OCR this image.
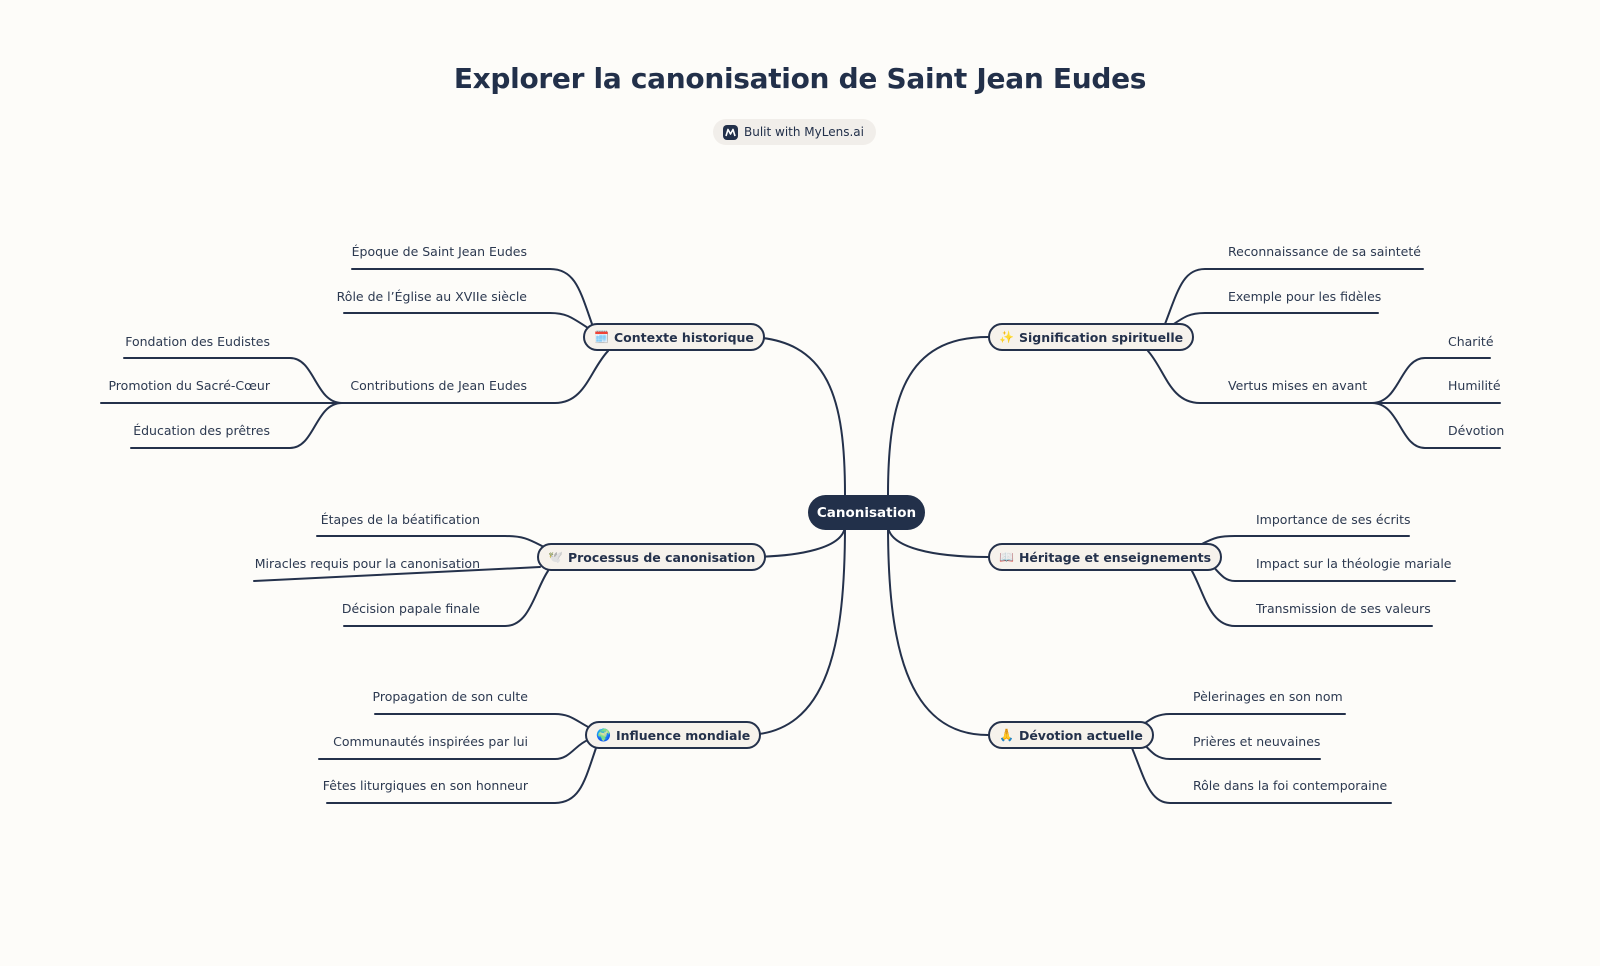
Explorer la canonisation de Saint Jean Eudes
Bulit with MyLens.ai
Canonisation
🗓️ Contexte historique
🕊️ Processus de canonisation
🌍 Influence mondiale
✨ Signification spirituelle
📖 Héritage et enseignements
🙏 Dévotion actuelle
Époque de Saint Jean Eudes
Rôle de l’Église au XVIIe siècle
Contributions de Jean Eudes
Fondation des Eudistes
Promotion du Sacré-Cœur
Éducation des prêtres
Étapes de la béatification
Miracles requis pour la canonisation
Décision papale finale
Propagation de son culte
Communautés inspirées par lui
Fêtes liturgiques en son honneur
Reconnaissance de sa sainteté
Exemple pour les fidèles
Vertus mises en avant
Charité
Humilité
Dévotion
Importance de ses écrits
Impact sur la théologie mariale
Transmission de ses valeurs
Pèlerinages en son nom
Prières et neuvaines
Rôle dans la foi contemporaine
